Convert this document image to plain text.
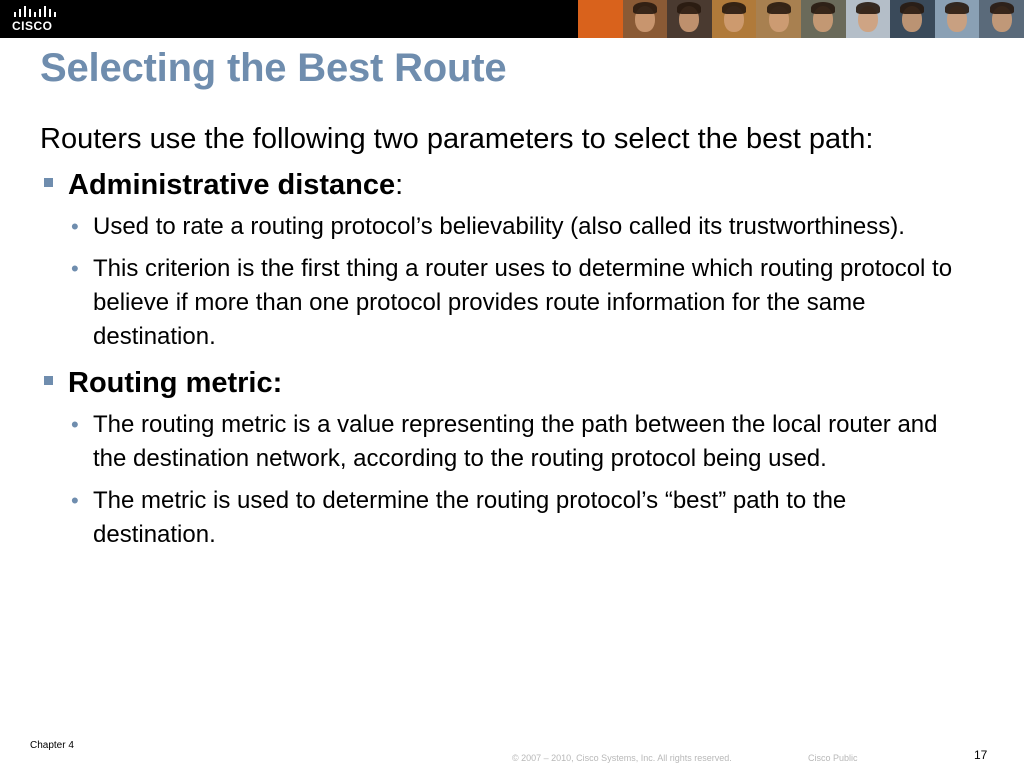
CISCO
Selecting the Best Route

Routers use the following two parameters to select the best path:

Administrative distance:

• Used to rate a routing protocol’s believability (also called its trustworthiness).

• This criterion is the first thing a router uses to determine which routing protocol to believe if more than one protocol provides route information for the same destination.

Routing metric:

• The routing metric is a value representing the path between the local router and the destination network, according to the routing protocol being used.

• The metric is used to determine the routing protocol’s “best” path to the destination.

Chapter 4
© 2007 – 2010, Cisco Systems, Inc. All rights reserved.	Cisco Public	17
